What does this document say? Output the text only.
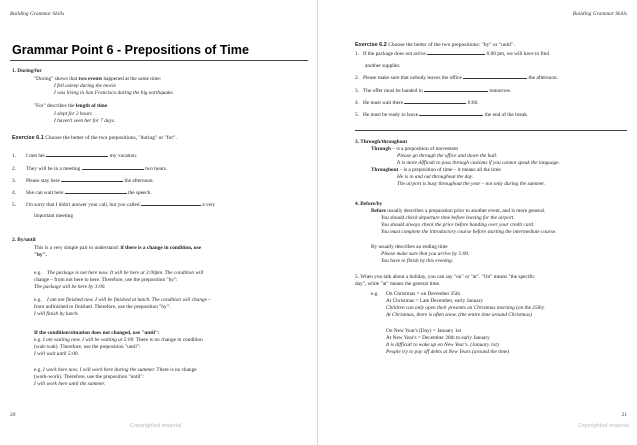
Building Grammar Skills
Grammar Point 6 - Prepositions of Time
1. During/for
"During" shows that two events happened at the same time:
I fell asleep during the movie
I was living in San Francisco during the big earthquake.
"For" describes the length of time.
I slept for 2 hours
I haven't seen her for 7 days.
Exercise 6.1 Choose the better of the two prepositions, "during" or "for".
1. I met her	my vacation.
2. They will be in a meeting	two hours.
3. Please stay here	the afternoon.
4. She can wait here	the speech.
5. I'm sorry that I didn't answer your call, but you called	a very
important meeting
2. By/until
This is a very simple pair to understand: if there is a change in condition, use
"by".
e.g. The package is not here now. It will be here at 3:00pm. The condition will
change – from not here to here. Therefore, use the preposition "by":
The package will be here by 3:00.
e.g. I am not finished now. I will be finished at lunch. The condition will change –
from unfinished to finished. Therefore, use the preposition "by":
I will finish by lunch.
If the condition/situation does not changed, use "until":
e.g. I am waiting now. I will be waiting at 5:00. There is no change in condition
(wait-wait). Therefore, use the preposition "until":
I will wait until 5:00.
e.g. I work here now. I will work here during the summer. There is no change
(work-work). Therefore, use the preposition "until":
I will work here until the summer.
20
Copyrighted material
Building Grammar Skills
Exercise 6.2 Choose the better of the two prepositions: "by" or "until".
1. If the package does not arrive	6:00 pm, we will have to find
another supplier.
2. Please make sure that nobody leaves the office	the afternoon.
3. The offer must be handed in	tomorrow.
4. He must wait there	6:00.
5. He must be ready to leave	the end of the break.
3. Through/throughout
Through – is a preposition of movement
Please go through the office and down the hall.
It is more difficult to pass through customs if you cannot speak the language.
Throughout – is a preposition of time – it means all the time
He is in and out throughout the day.
The airport is busy throughout the year – not only during the summer.
4. Before/by
Before usually describes a preparation prior to another event, and is more general.
You should check departure time before leaving for the airport.
You should always check the price before handing over your credit card.
You must complete the introductory course before starting the intermediate course.
By usually describes an ending time
Please make sure that you arrive by 5:00.
You have to finish by this evening.
5. When you talk about a holiday, you can say "on" or "at". "On" means "the specific
day", while "at" means the general time.
e.g. On Christmas = on December 25th
At Christmas = Late December, early January
Children can only open their presents on Christmas morning (on the 25th).
At Christmas, there is often snow. (the entire time around Christmas)
On New Year's (Day) = January 1st
At New Year's = December 26th to early January
It is difficult to wake up on New Year's. (January 1st)
People try to pay off debts at New Years (around the time)
21
Copyrighted material
